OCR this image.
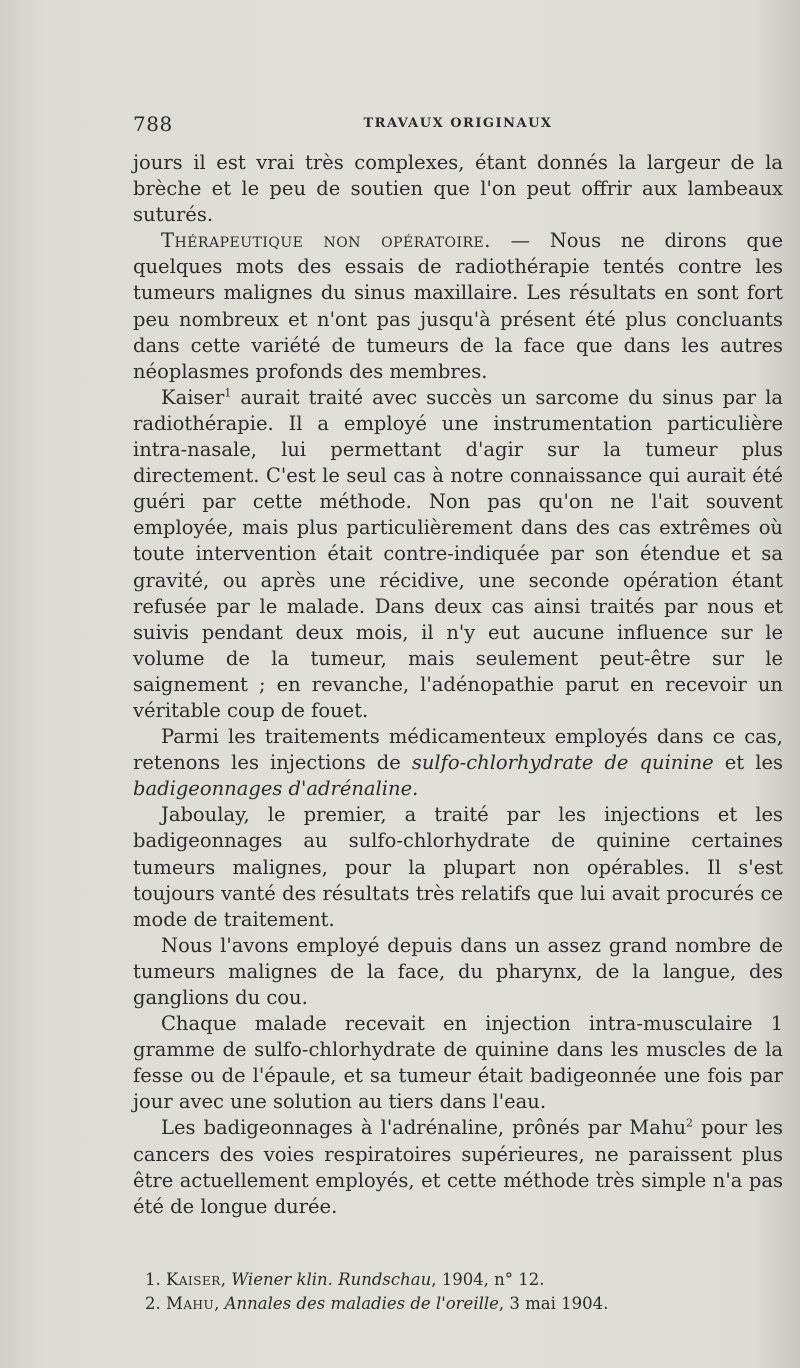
788	TRAVAUX ORIGINAUX

jours il est vrai très complexes, étant donnés la largeur de la brèche et le peu de soutien que l'on peut offrir aux lambeaux suturés.

Thérapeutique non opératoire. — Nous ne dirons que quelques mots des essais de radiothérapie tentés contre les tumeurs malignes du sinus maxillaire. Les résultats en sont fort peu nombreux et n'ont pas jusqu'à présent été plus concluants dans cette variété de tumeurs de la face que dans les autres néoplasmes profonds des membres.

Kaiser$^1$ aurait traité avec succès un sarcome du sinus par la radiothérapie. Il a employé une instrumentation particulière intra-nasale, lui permettant d'agir sur la tumeur plus directement. C'est le seul cas à notre connaissance qui aurait été guéri par cette méthode. Non pas qu'on ne l'ait souvent employée, mais plus particulièrement dans des cas extrêmes où toute intervention était contre-indiquée par son étendue et sa gravité, ou après une récidive, une seconde opération étant refusée par le malade. Dans deux cas ainsi traités par nous et suivis pendant deux mois, il n'y eut aucune influence sur le volume de la tumeur, mais seulement peut-être sur le saignement ; en revanche, l'adénopathie parut en recevoir un véritable coup de fouet.

Parmi les traitements médicamenteux employés dans ce cas, retenons les injections de sulfo-chlorhydrate de quinine et les badigeonnages d'adrénaline.

Jaboulay, le premier, a traité par les injections et les badigeonnages au sulfo-chlorhydrate de quinine certaines tumeurs malignes, pour la plupart non opérables. Il s'est toujours vanté des résultats très relatifs que lui avait procurés ce mode de traitement.

Nous l'avons employé depuis dans un assez grand nombre de tumeurs malignes de la face, du pharynx, de la langue, des ganglions du cou.

Chaque malade recevait en injection intra-musculaire 1 gramme de sulfo-chlorhydrate de quinine dans les muscles de la fesse ou de l'épaule, et sa tumeur était badigeonnée une fois par jour avec une solution au tiers dans l'eau.

Les badigeonnages à l'adrénaline, prônés par Mahu$^2$ pour les cancers des voies respiratoires supérieures, ne paraissent plus être actuellement employés, et cette méthode très simple n'a pas été de longue durée.

1. Kaiser, Wiener klin. Rundschau, 1904, n° 12.

2. Mahu, Annales des maladies de l'oreille, 3 mai 1904.
